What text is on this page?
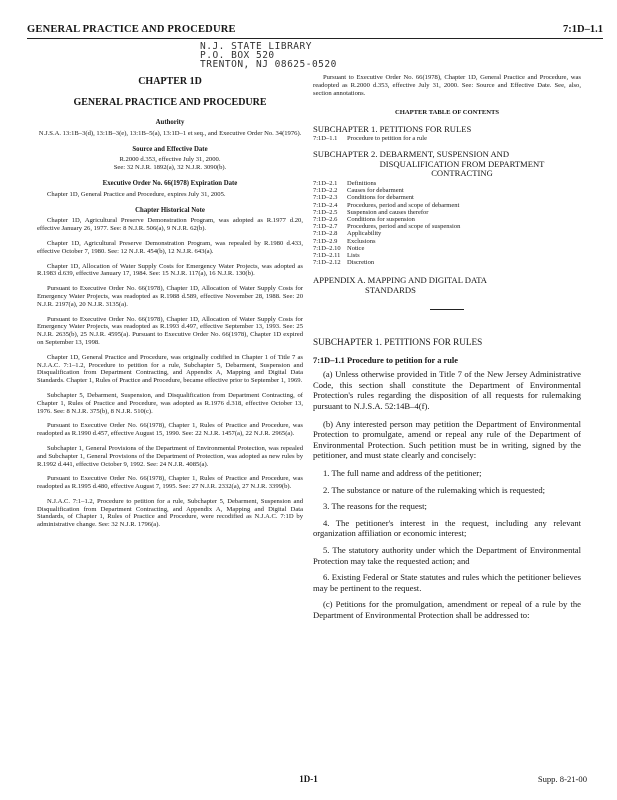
GENERAL PRACTICE AND PROCEDURE	7:1D–1.1
N.J. STATE LIBRARY
P.O. BOX 520
TRENTON, NJ 08625-0520
CHAPTER 1D
GENERAL PRACTICE AND PROCEDURE
Authority

N.J.S.A. 13:1B–3(d), 13:1B–3(e), 13:1B–5(a), 13:1D–1 et seq., and Executive Order No. 34(1976).

Source and Effective Date
R.2000 d.353, effective July 31, 2000.

See: 32 N.J.R. 1892(a), 32 N.J.R. 3090(b).

Executive Order No. 66(1978) Expiration Date

Chapter 1D, General Practice and Procedure, expires July 31, 2005.

Chapter Historical Note

Chapter 1D, Agricultural Preserve Demonstration Program, was adopted as R.1977 d.20, effective January 26, 1977. See: 8 N.J.R. 506(a), 9 N.J.R. 62(b).

Chapter 1D, Agricultural Preserve Demonstration Program, was repealed by R.1980 d.433, effective October 7, 1980. See: 12 N.J.R. 454(b), 12 N.J.R. 643(a).

Chapter 1D, Allocation of Water Supply Costs for Emergency Water Projects, was adopted as R.1983 d.639, effective January 17, 1984. See: 15 N.J.R. 117(a), 16 N.J.R. 130(b).

Pursuant to Executive Order No. 66(1978), Chapter 1D, Allocation of Water Supply Costs for Emergency Water Projects, was readopted as R.1988 d.589, effective November 28, 1988. See: 20 N.J.R. 2197(a), 20 N.J.R. 3135(a).

Pursuant to Executive Order No. 66(1978), Chapter 1D, Allocation of Water Supply Costs for Emergency Water Projects, was readopted as R.1993 d.497, effective September 13, 1993. See: 25 N.J.R. 2635(b), 25 N.J.R. 4595(a). Pursuant to Executive Order No. 66(1978), Chapter 1D expired on September 13, 1998.

Chapter 1D, General Practice and Procedure, was originally codified in Chapter 1 of Title 7 as N.J.A.C. 7:1–1.2, Procedure to petition for a rule, Subchapter 5, Debarment, Suspension and Disqualification from Department Contracting, and Appendix A, Mapping and Digital Data Standards. Chapter 1, Rules of Practice and Procedure, became effective prior to September 1, 1969.

Subchapter 5, Debarment, Suspension, and Disqualification from Department Contracting, of Chapter 1, Rules of Practice and Procedure, was adopted as R.1976 d.318, effective October 13, 1976. See: 8 N.J.R. 375(b), 8 N.J.R. 510(c).

Pursuant to Executive Order No. 66(1978), Chapter 1, Rules of Practice and Procedure, was readopted as R.1990 d.457, effective August 15, 1990. See: 22 N.J.R. 1457(a), 22 N.J.R. 2965(a).

Subchapter 1, General Provisions of the Department of Environmental Protection, was repealed and Subchapter 1, General Provisions of the Department of Protection, was adopted as new rules by R.1992 d.441, effective October 9, 1992. See: 24 N.J.R. 4085(a).

Pursuant to Executive Order No. 66(1978), Chapter 1, Rules of Practice and Procedure, was readopted as R.1995 d.480, effective August 7, 1995. See: 27 N.J.R. 2332(a), 27 N.J.R. 3399(b).

N.J.A.C. 7:1–1.2, Procedure to petition for a rule, Subchapter 5, Debarment, Suspension and Disqualification from Department Contracting, and Appendix A, Mapping and Digital Data Standards, of Chapter 1, Rules of Practice and Procedure, were recodified as N.J.A.C. 7:1D by administrative change. See: 32 N.J.R. 1796(a).

Pursuant to Executive Order No. 66(1978), Chapter 1D, General Practice and Procedure, was readopted as R.2000 d.353, effective July 31, 2000. See: Source and Effective Date. See, also, section annotations.

CHAPTER TABLE OF CONTENTS
SUBCHAPTER 1. PETITIONS FOR RULES
7:1D–1.1 Procedure to petition for a rule
SUBCHAPTER 2. DEBARMENT, SUSPENSION AND
DISQUALIFICATION FROM DEPARTMENT
CONTRACTING
7:1D–2.1 Definitions
7:1D–2.2 Causes for debarment
7:1D–2.3 Conditions for debarment
7:1D–2.4 Procedures, period and scope of debarment
7:1D–2.5 Suspension and causes therefor
7:1D–2.6 Conditions for suspension
7:1D–2.7 Procedures, period and scope of suspension
7:1D–2.8 Applicability
7:1D–2.9 Exclusions
7:1D–2.10 Notice
7:1D–2.11 Lists
7:1D–2.12 Discretion
APPENDIX A. MAPPING AND DIGITAL DATA
STANDARDS
SUBCHAPTER 1. PETITIONS FOR RULES
7:1D–1.1 Procedure to petition for a rule

(a) Unless otherwise provided in Title 7 of the New Jersey Administrative Code, this section shall constitute the Department of Environmental Protection's rules regarding the disposition of all requests for rulemaking pursuant to N.J.S.A. 52:14B–4(f).

(b) Any interested person may petition the Department of Environmental Protection to promulgate, amend or repeal any rule of the Department of Environmental Protection. Such petition must be in writing, signed by the petitioner, and must state clearly and concisely:

1. The full name and address of the petitioner;
2. The substance or nature of the rulemaking which is requested;
3. The reasons for the request;
4. The petitioner's interest in the request, including any relevant organization affiliation or economic interest;
5. The statutory authority under which the Department of Environmental Protection may take the requested action; and
6. Existing Federal or State statutes and rules which the petitioner believes may be pertinent to the request.

(c) Petitions for the promulgation, amendment or repeal of a rule by the Department of Environmental Protection shall be addressed to:

1D-1	Supp. 8-21-00
